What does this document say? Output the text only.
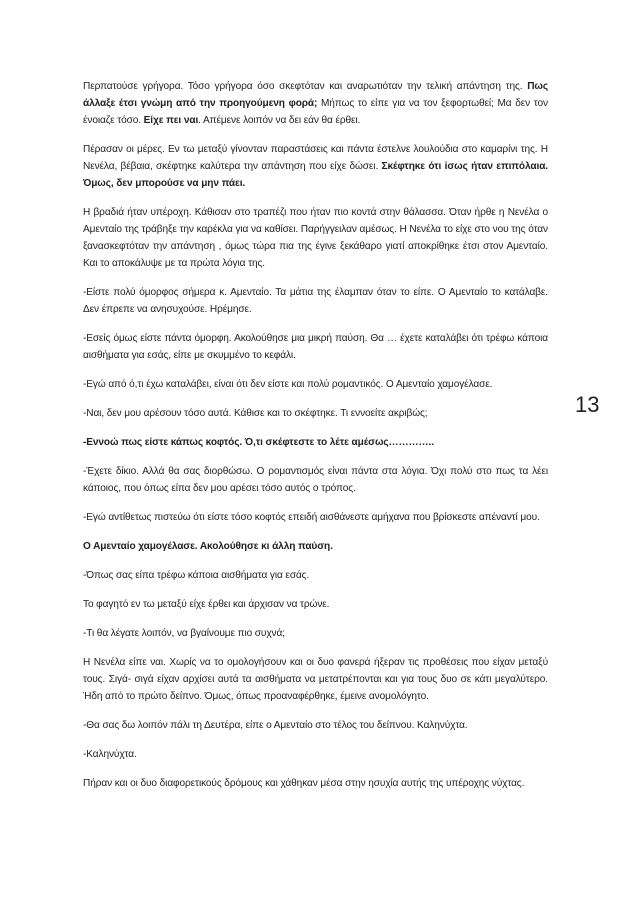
Περπατούσε γρήγορα. Τόσο γρήγορα όσο σκεφτόταν και αναρωτιόταν την τελική απάντηση της. Πως άλλαξε έτσι γνώμη από την προηγούμενη φορά; Μήπως το είπε για να τον ξεφορτωθεί; Μα δεν τον ένοιαζε τόσο. Είχε πει ναι. Απέμενε λοιπόν να δει εάν θα έρθει.

Πέρασαν οι μέρες. Εν τω μεταξύ γίνονταν παραστάσεις και πάντα έστελνε λουλούδια στο καμαρίνι της. Η Νενέλα, βέβαια, σκέφτηκε καλύτερα την απάντηση που είχε δώσει. Σκέφτηκε ότι ίσως ήταν επιπόλαια. Όμως, δεν μπορούσε να μην πάει.

Η βραδιά ήταν υπέροχη. Κάθισαν στο τραπέζι που ήταν πιο κοντά στην θάλασσα. Όταν ήρθε η Νενέλα ο Αμενταίο της τράβηξε την καρέκλα για να καθίσει. Παρήγγειλαν αμέσως. Η Νενέλα το είχε στο νου της όταν ξανασκεφτόταν την απάντηση , όμως τώρα πια της έγινε ξεκάθαρο γιατί αποκρίθηκε έτσι στον Αμενταίο. Και το αποκάλυψε με τα πρώτα λόγια της.

-Είστε πολύ όμορφος σήμερα κ. Αμενταίο. Τα μάτια της έλαμπαν όταν το είπε. Ο Αμενταίο το κατάλαβε. Δεν έπρεπε να ανησυχούσε. Ηρέμησε.

-Εσείς όμως είστε πάντα όμορφη. Ακολούθησε μια μικρή παύση. Θα … έχετε καταλάβει ότι τρέφω κάποια αισθήματα για εσάς, είπε με σκυμμένο το κεφάλι.

-Εγώ από ό,τι έχω καταλάβει, είναι ότι δεν είστε και πολύ ρομαντικός. Ο Αμενταίο χαμογέλασε.

-Ναι, δεν μου αρέσουν τόσο αυτά. Κάθισε και το σκέφτηκε. Τι εννοείτε ακριβώς;

-Εννοώ πως είστε κάπως κοφτός. Ό,τι σκέφτεστε το λέτε αμέσως…………..

-Έχετε δίκιο. Αλλά θα σας διορθώσω. Ο ρομαντισμός είναι πάντα στα λόγια. Όχι πολύ στο πως τα λέει κάποιος, που όπως είπα δεν μου αρέσει τόσο αυτός ο τρόπος.

-Εγώ αντίθετως πιστεύω ότι είστε τόσο κοφτός επειδή αισθάνεστε αμήχανα που βρίσκεστε απέναντί μου.

Ο Αμενταίο χαμογέλασε. Ακολούθησε κι άλλη παύση.

-Όπως σας είπα τρέφω κάποια αισθήματα για εσάς.

Το φαγητό εν τω μεταξύ είχε έρθει και άρχισαν να τρώνε.

-Τι θα λέγατε λοιπόν, να βγαίνουμε πιο συχνά;

Η Νενέλα είπε ναι. Χωρίς να το ομολογήσουν και οι δυο φανερά ήξεραν τις προθέσεις που είχαν μεταξύ τους. Σιγά- σιγά είχαν αρχίσει αυτά τα αισθήματα να μετατρέπονται και για τους δυο σε κάτι μεγαλύτερο. Ήδη από το πρώτο δείπνο. Όμως, όπως προαναφέρθηκε, έμεινε ανομολόγητο.

-Θα σας δω λοιπόν πάλι τη Δευτέρα, είπε ο Αμενταίο στο τέλος του δείπνου. Καληνύχτα.

-Καληνύχτα.

Πήραν και οι δυο διαφορετικούς δρόμους και χάθηκαν μέσα στην ησυχία αυτής της υπέροχης νύχτας.

13
